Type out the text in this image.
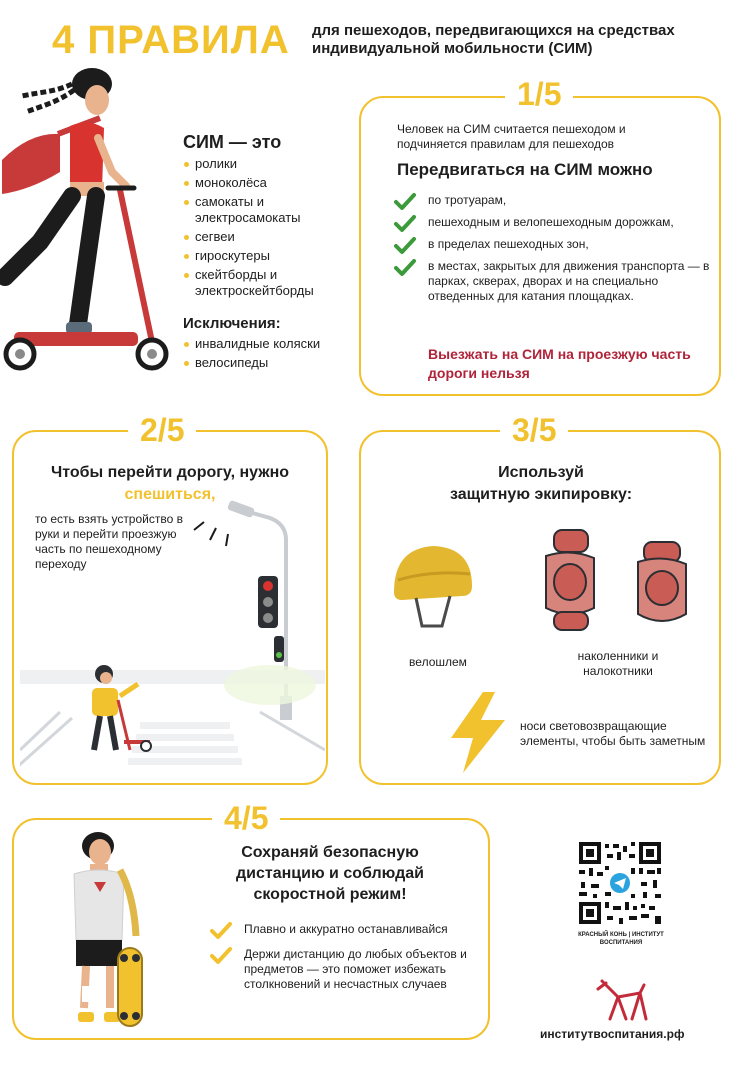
4 ПРАВИЛА для пешеходов, передвигающихся на средствах индивидуальной мобильности (СИМ)
СИМ — это
ролики
моноколёса
самокаты и электросамокаты
сегвеи
гироскутеры
скейтборды и электроскейтборды
Исключения:
инвалидные коляски
велосипеды
1/5
Человек на СИМ считается пешеходом и подчиняется правилам для пешеходов
Передвигаться на СИМ можно
по тротуарам,
пешеходным и велопешеходным дорожкам,
в пределах пешеходных зон,
в местах, закрытых для движения транспорта — в парках, скверах, дворах и на специально отведенных для катания площадках.
Выезжать на СИМ на проезжую часть дороги нельзя
2/5
Чтобы перейти дорогу, нужно
спешиться,
то есть взять устройство в руки и перейти проезжую часть по пешеходному переходу
3/5
Используй
защитную экипировку:
велошлем	наколенники и налокотники
носи световозвращающие элементы, чтобы быть заметным
4/5
Сохраняй безопасную дистанцию и соблюдай скоростной режим!
Плавно и аккуратно останавливайся
Держи дистанцию до любых объектов и предметов — это поможет избежать столкновений и несчастных случаев
КРАСНЫЙ КОНЬ | ИНСТИТУТ ВОСПИТАНИЯ
институтвоспитания.рф
